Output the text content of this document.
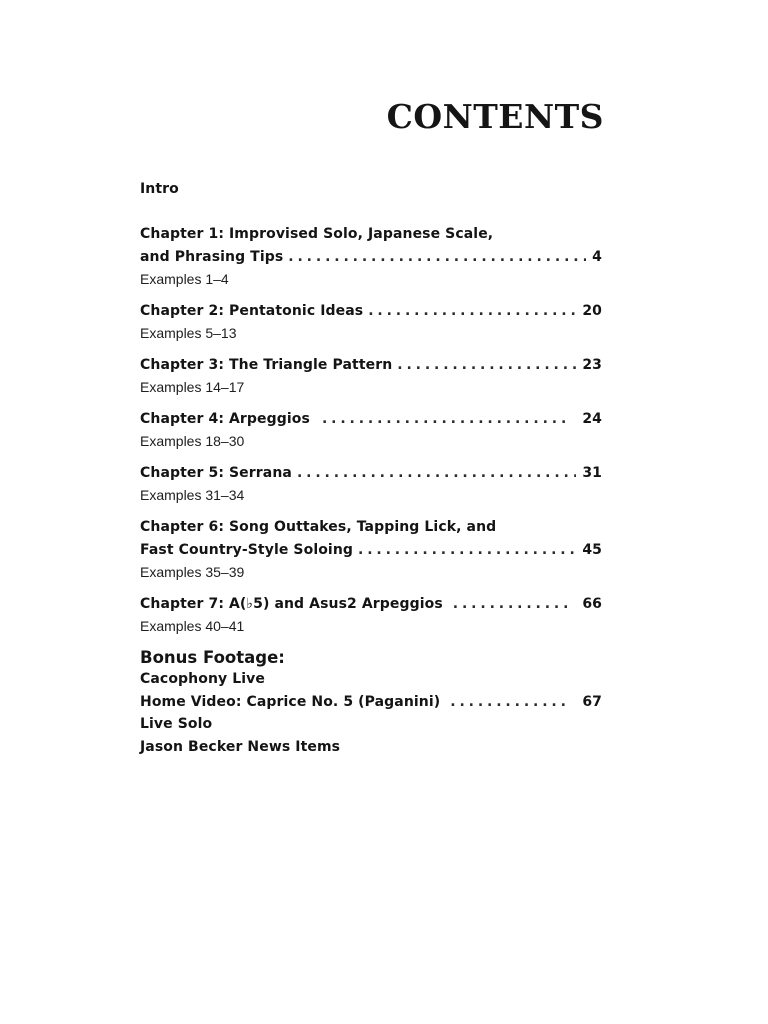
CONTENTS
Intro
Chapter 1: Improvised Solo, Japanese Scale,
and Phrasing Tips . . .	4
Examples 1–4
Chapter 2: Pentatonic Ideas . . .	20
Examples 5–13
Chapter 3: The Triangle Pattern . . .	23
Examples 14–17
Chapter 4: Arpeggios . . .	24
Examples 18–30
Chapter 5: Serrana . . .	31
Examples 31–34
Chapter 6: Song Outtakes, Tapping Lick, and
Fast Country-Style Soloing . . .	45
Examples 35–39
Chapter 7: A(♭5) and Asus2 Arpeggios . . .	66
Examples 40–41
Bonus Footage:
Cacophony Live
Home Video: Caprice No. 5 (Paganini) . . .	67
Live Solo
Jason Becker News Items
